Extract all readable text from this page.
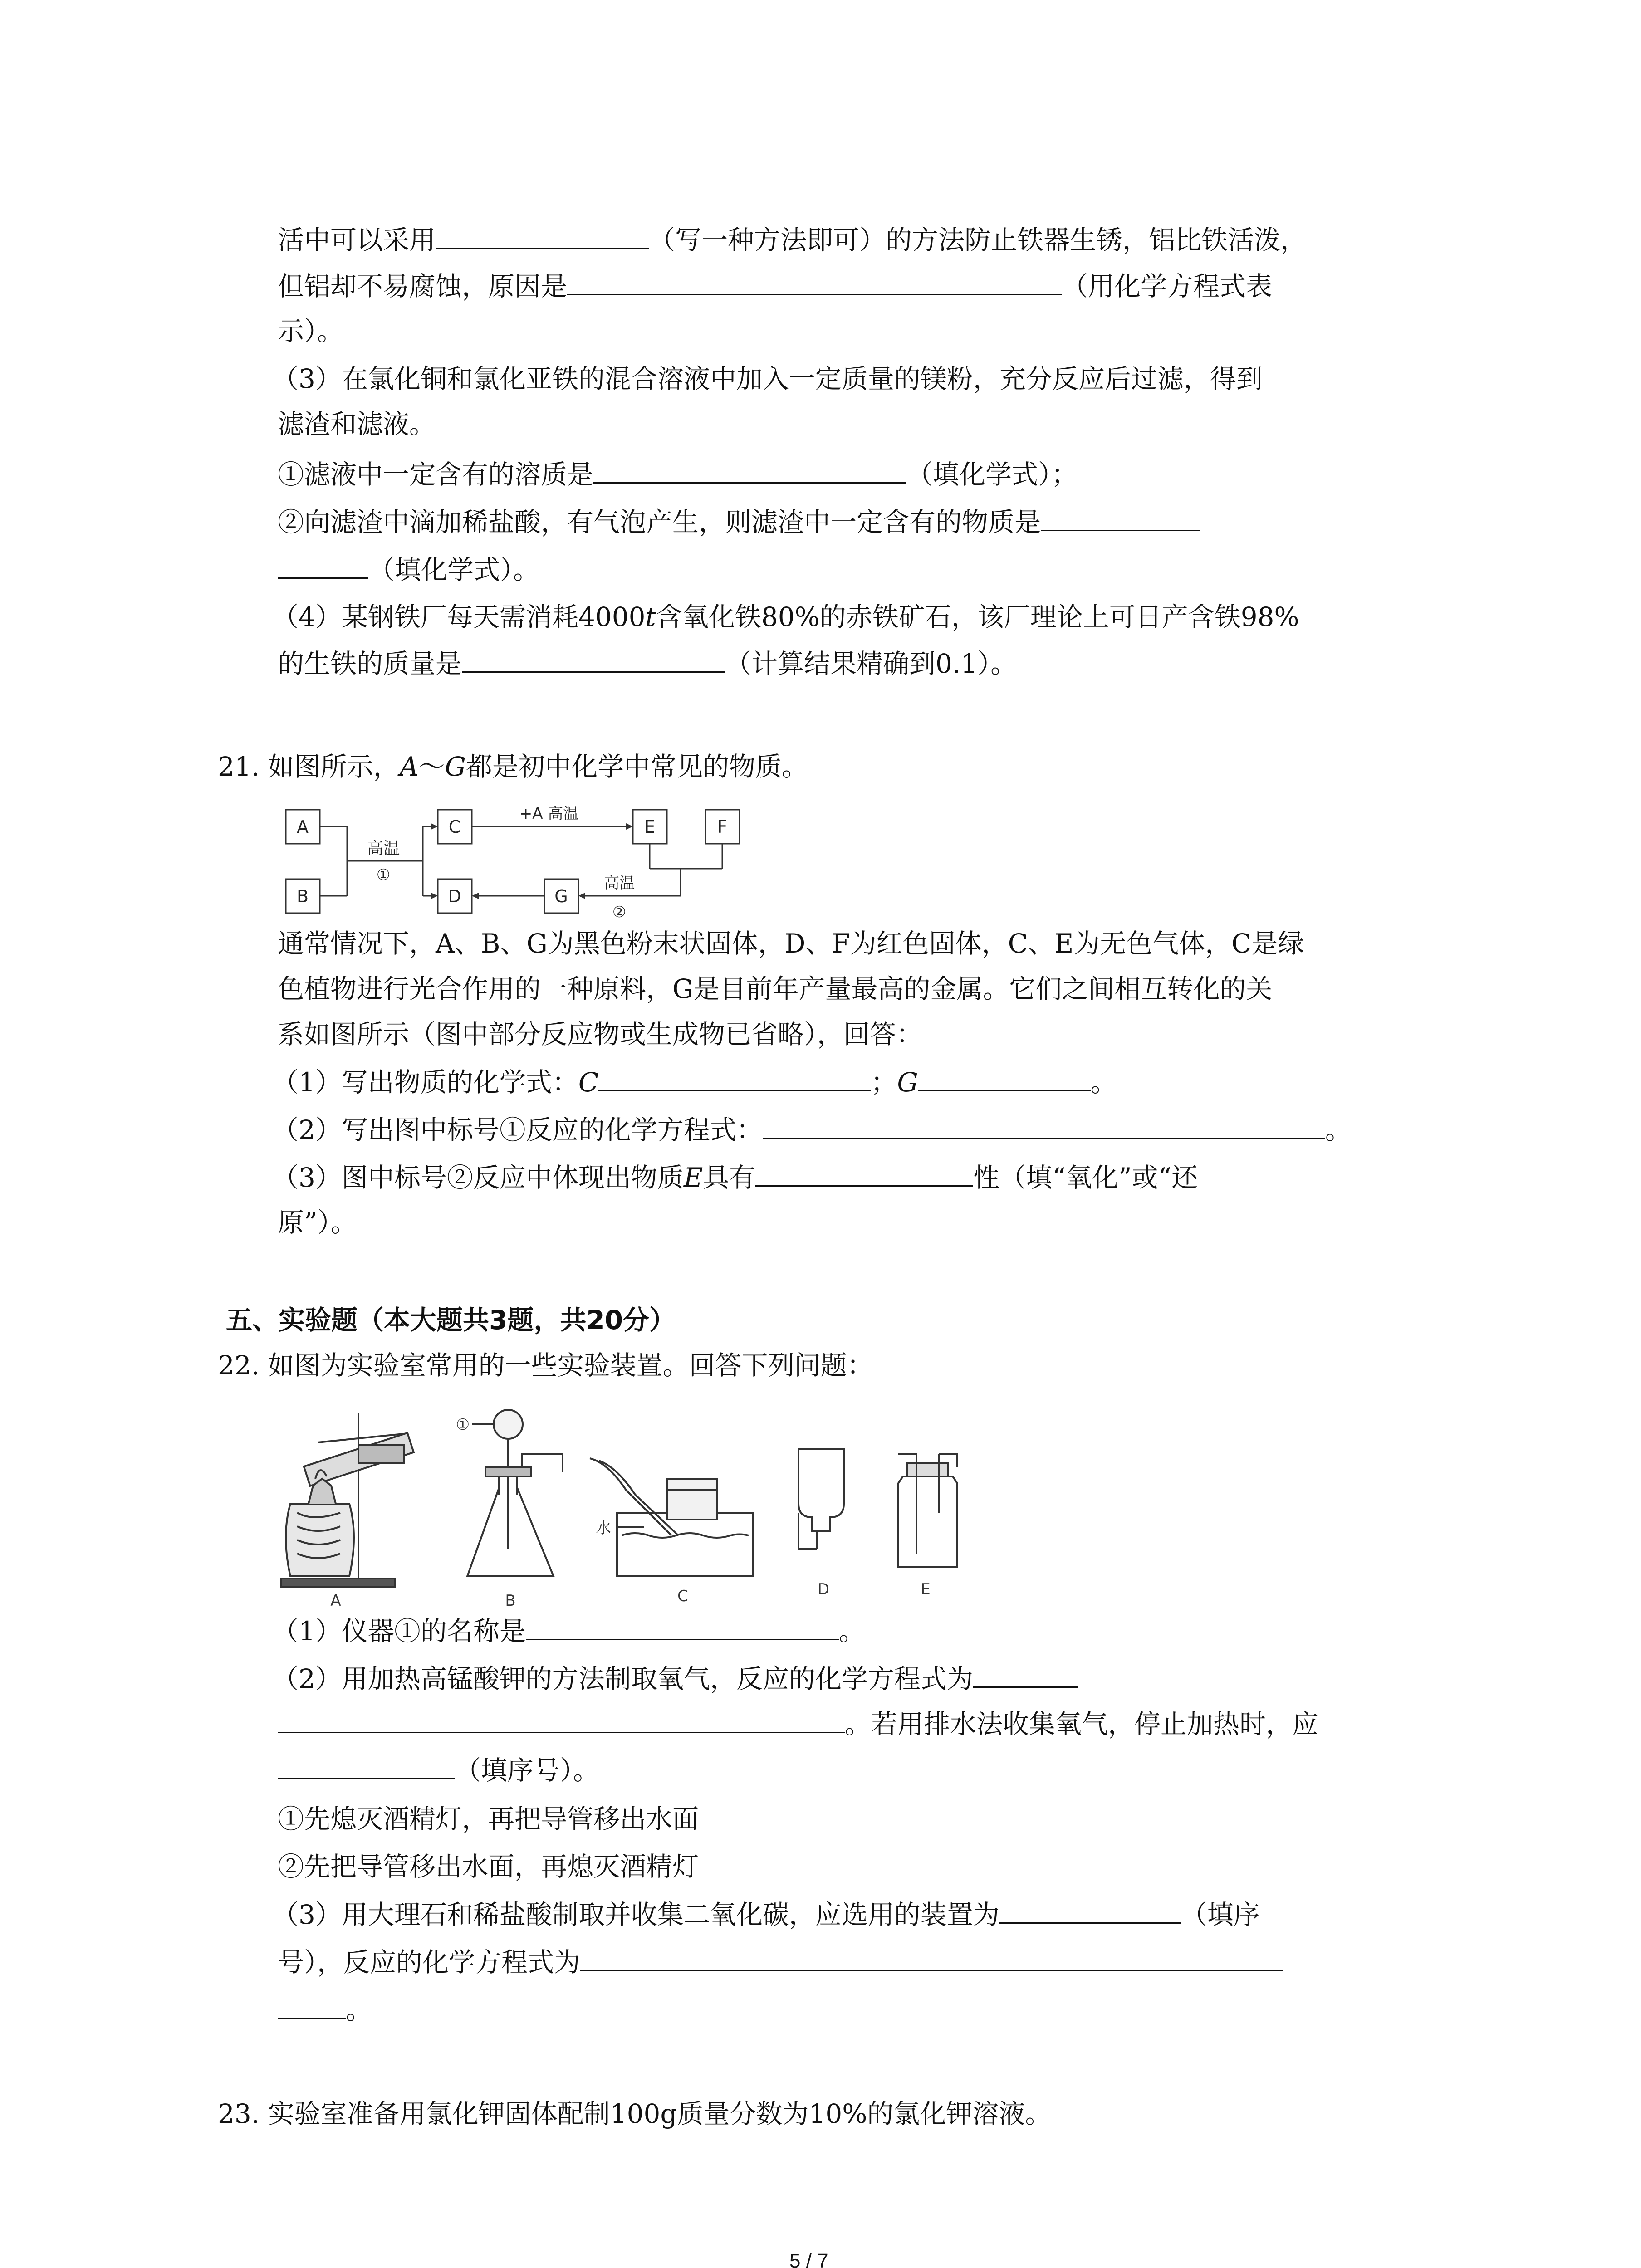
活中可以采用	（写一种方法即可）的方法防止铁器生锈，铝比铁活泼，
但铝却不易腐蚀，原因是	（用化学方程式表
示）。
（3）在氯化铜和氯化亚铁的混合溶液中加入一定质量的镁粉，充分反应后过滤，得到
滤渣和滤液。
①滤液中一定含有的溶质是	（填化学式）；
②向滤渣中滴加稀盐酸，有气泡产生，则滤渣中一定含有的物质是
（填化学式）。
（4）某钢铁厂每天需消耗4000t含氧化铁80%的赤铁矿石，该厂理论上可日产含铁98%
的生铁的质量是	（计算结果精确到0.1）。
21. 如图所示，A～G都是初中化学中常见的物质。
A
B
C
D
E	F
G
高温
①
+A 高温
高温
②
通常情况下，A、B、G为黑色粉末状固体，D、F为红色固体，C、E为无色气体，C是绿
色植物进行光合作用的一种原料，G是目前年产量最高的金属。它们之间相互转化的关
系如图所示（图中部分反应物或生成物已省略），回答：
（1）写出物质的化学式：C	；G	。
（2）写出图中标号①反应的化学方程式：	。
（3）图中标号②反应中体现出物质E具有	性（填“氧化”或“还
原”）。
五、实验题（本大题共3题，共20分）
22. 如图为实验室常用的一些实验装置。回答下列问题：
A	B	C	D	E
①
水
（1）仪器①的名称是	。
（2）用加热高锰酸钾的方法制取氧气，反应的化学方程式为
。若用排水法收集氧气，停止加热时，应
（填序号）。
①先熄灭酒精灯，再把导管移出水面
②先把导管移出水面，再熄灭酒精灯
（3）用大理石和稀盐酸制取并收集二氧化碳，应选用的装置为	（填序
号），反应的化学方程式为
。
23. 实验室准备用氯化钾固体配制100g质量分数为10%的氯化钾溶液。
5 / 7
